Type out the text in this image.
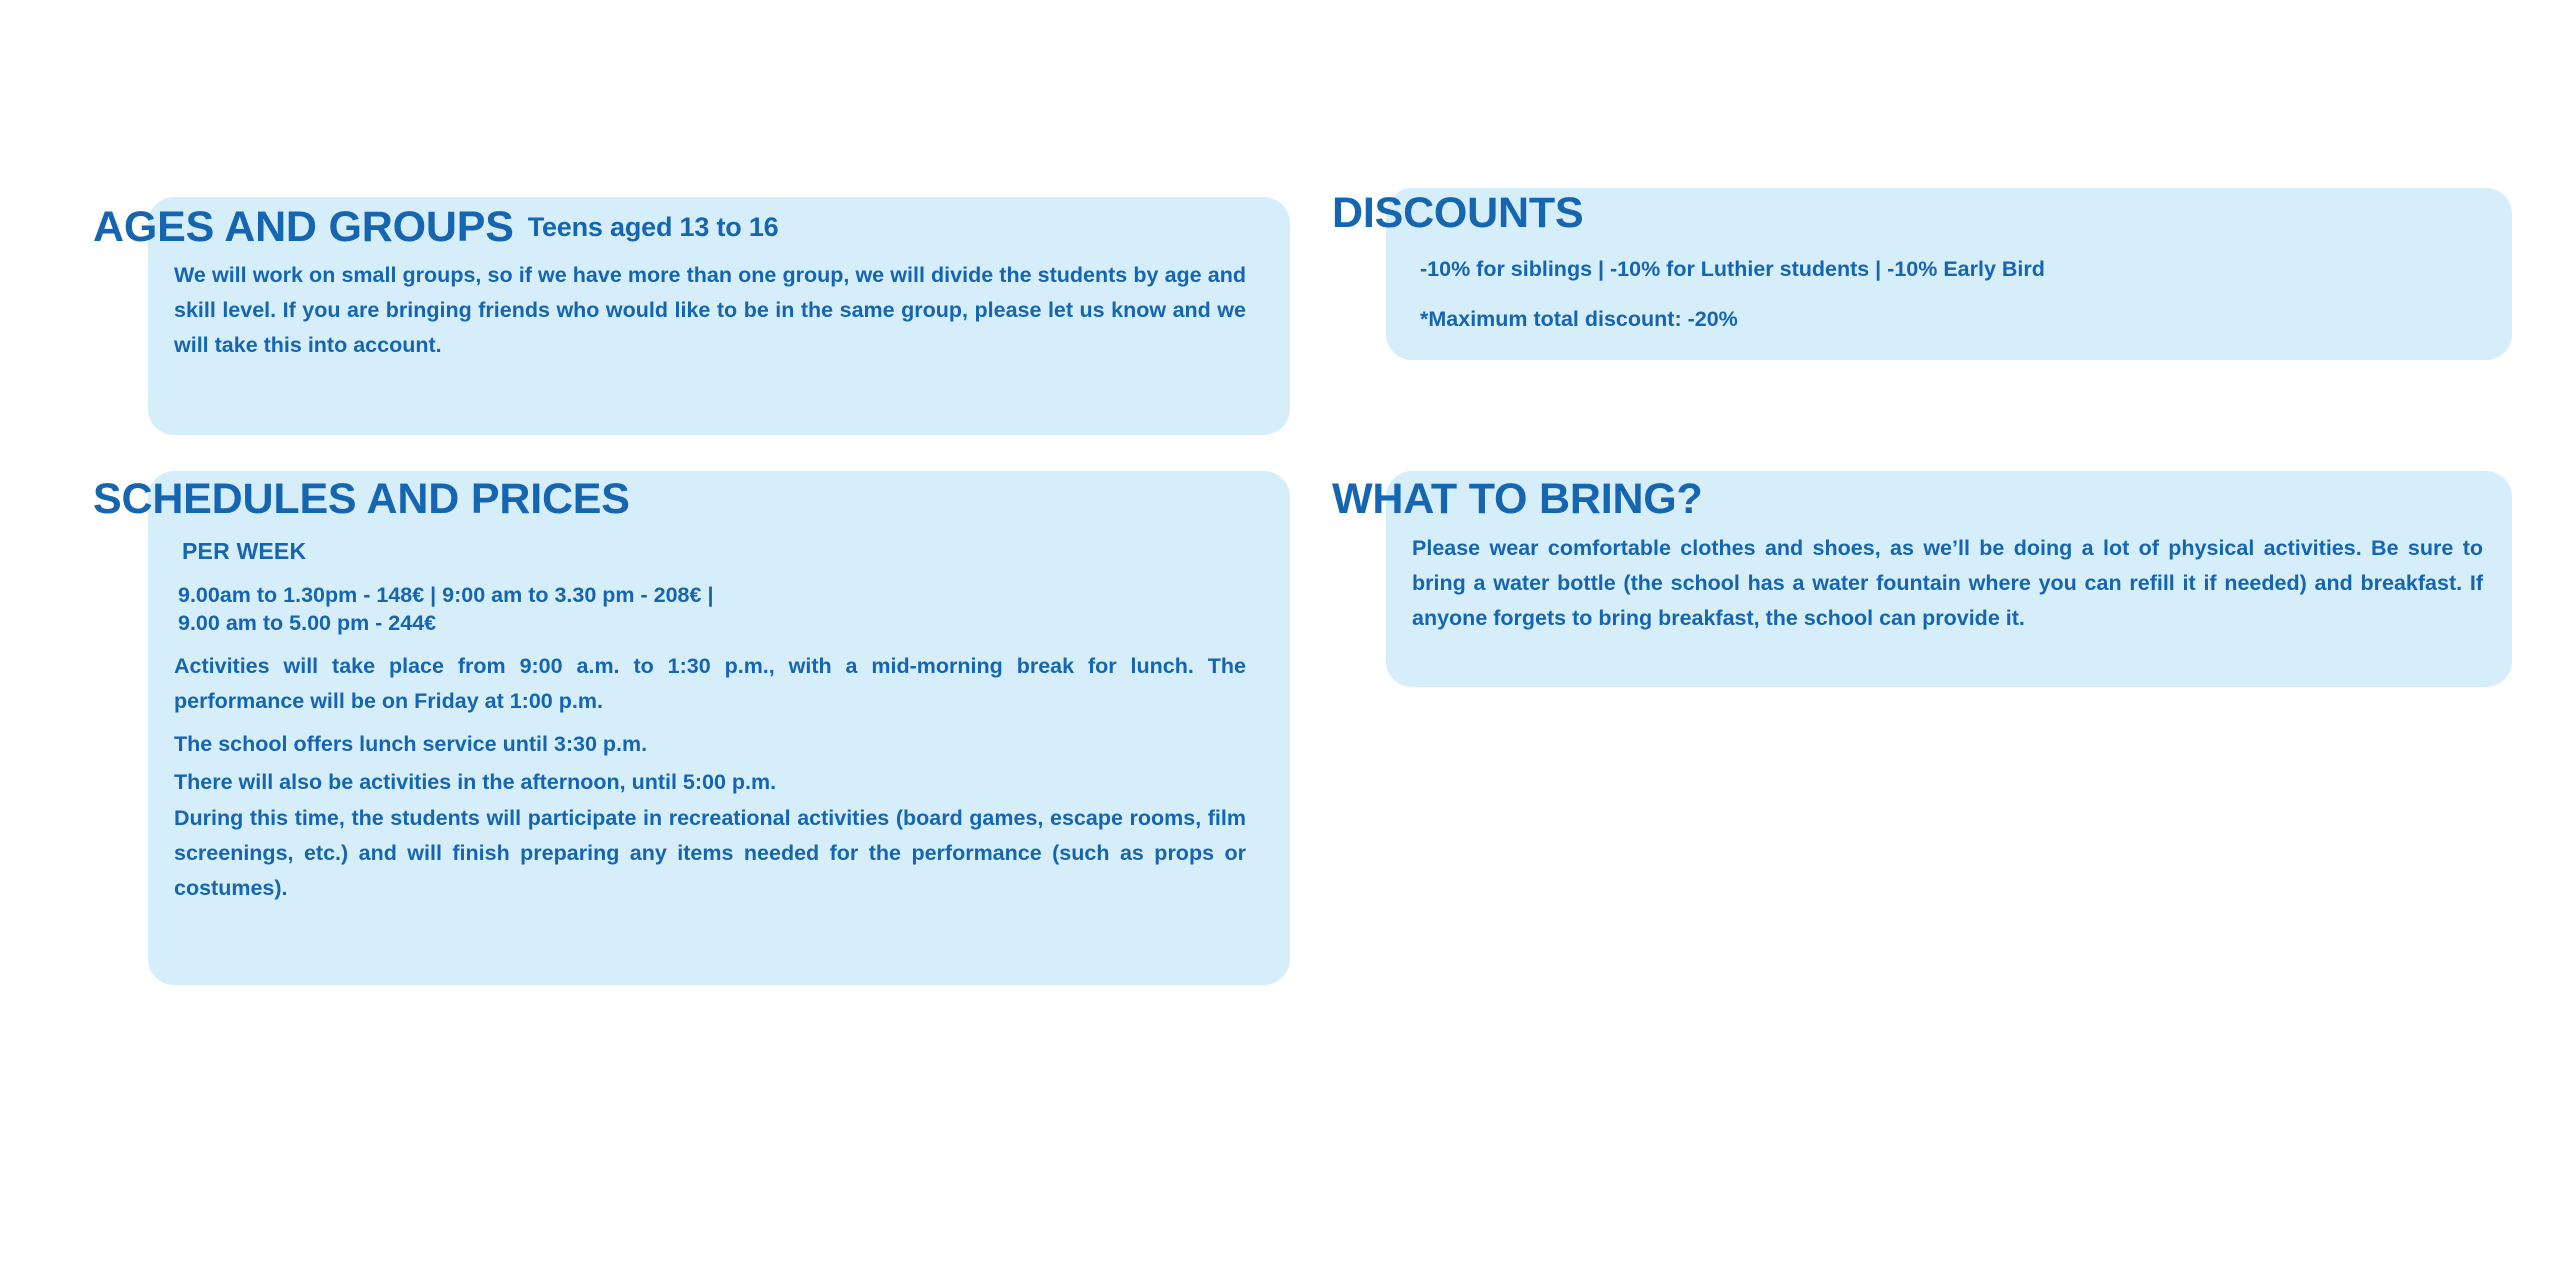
AGES AND GROUPS Teens aged 13 to 16
We will work on small groups, so if we have more than one group, we will divide the students by age and skill level. If you are bringing friends who would like to be in the same group, please let us know and we will take this into account.
DISCOUNTS
-10% for siblings | -10% for Luthier students | -10% Early Bird
*Maximum total discount: -20%
SCHEDULES AND PRICES
PER WEEK
9.00am to 1.30pm - 148€ | 9:00 am to 3.30 pm - 208€ |
9.00 am to 5.00 pm - 244€
Activities will take place from 9:00 a.m. to 1:30 p.m., with a mid-morning break for lunch. The performance will be on Friday at 1:00 p.m.
The school offers lunch service until 3:30 p.m.
There will also be activities in the afternoon, until 5:00 p.m.
During this time, the students will participate in recreational activities (board games, escape rooms, film screenings, etc.) and will finish preparing any items needed for the performance (such as props or costumes).
WHAT TO BRING?
Please wear comfortable clothes and shoes, as we’ll be doing a lot of physical activities. Be sure to bring a water bottle (the school has a water fountain where you can refill it if needed) and breakfast. If anyone forgets to bring breakfast, the school can provide it.
